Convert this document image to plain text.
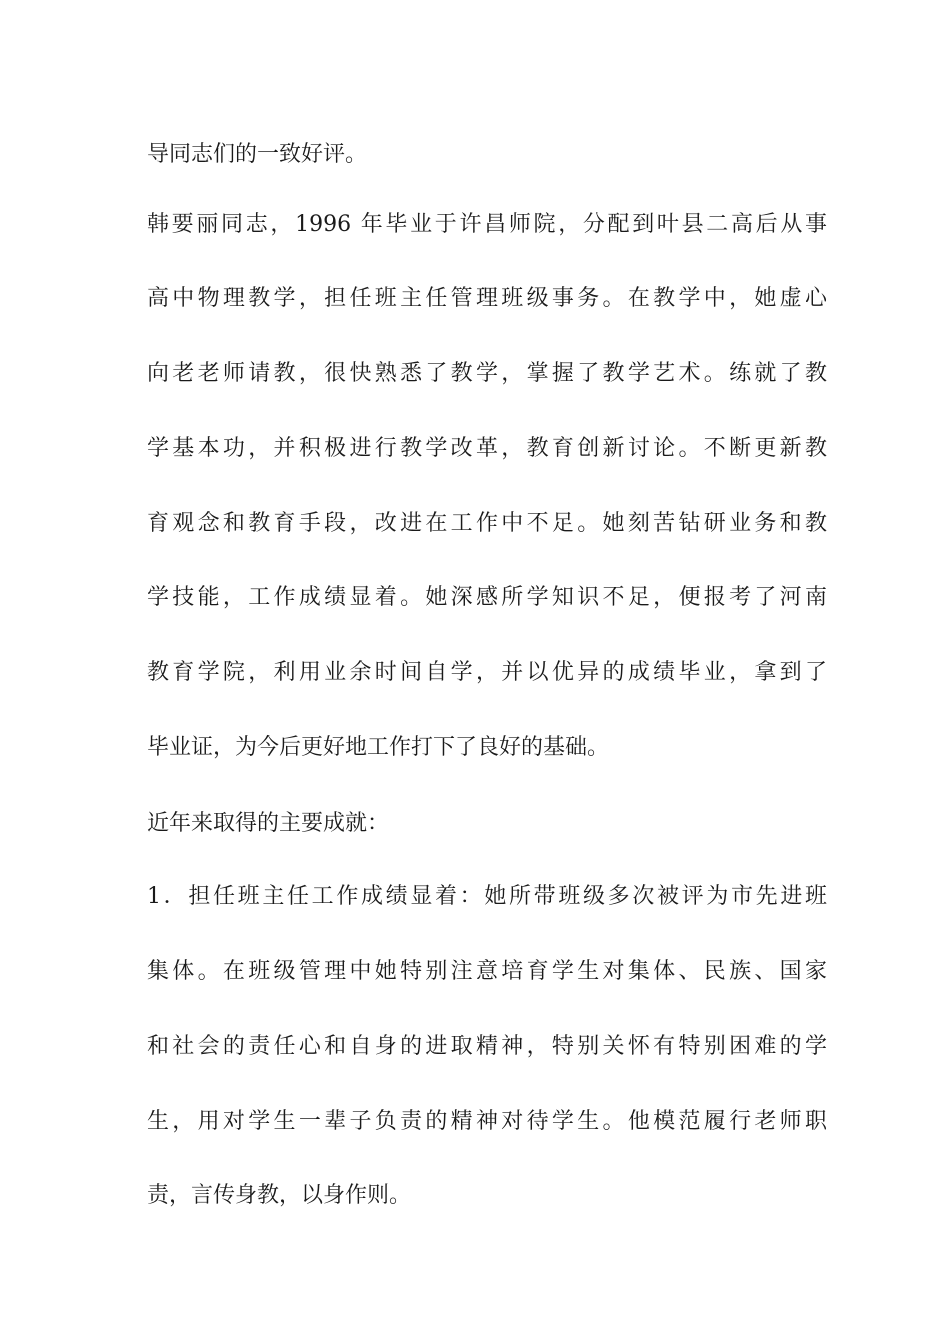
导同志们的一致好评。
韩要丽同志，1996 年毕业于许昌师院，分配到叶县二高后从事
高中物理教学，担任班主任管理班级事务。在教学中，她虚心
向老老师请教，很快熟悉了教学，掌握了教学艺术。练就了教
学基本功，并积极进行教学改革，教育创新讨论。不断更新教
育观念和教育手段，改进在工作中不足。她刻苦钻研业务和教
学技能，工作成绩显着。她深感所学知识不足，便报考了河南
教育学院，利用业余时间自学，并以优异的成绩毕业，拿到了
毕业证，为今后更好地工作打下了良好的基础。
近年来取得的主要成就：
1．担任班主任工作成绩显着：她所带班级多次被评为市先进班
集体。在班级管理中她特别注意培育学生对集体、民族、国家
和社会的责任心和自身的进取精神，特别关怀有特别困难的学
生，用对学生一辈子负责的精神对待学生。他模范履行老师职
责，言传身教，以身作则。
